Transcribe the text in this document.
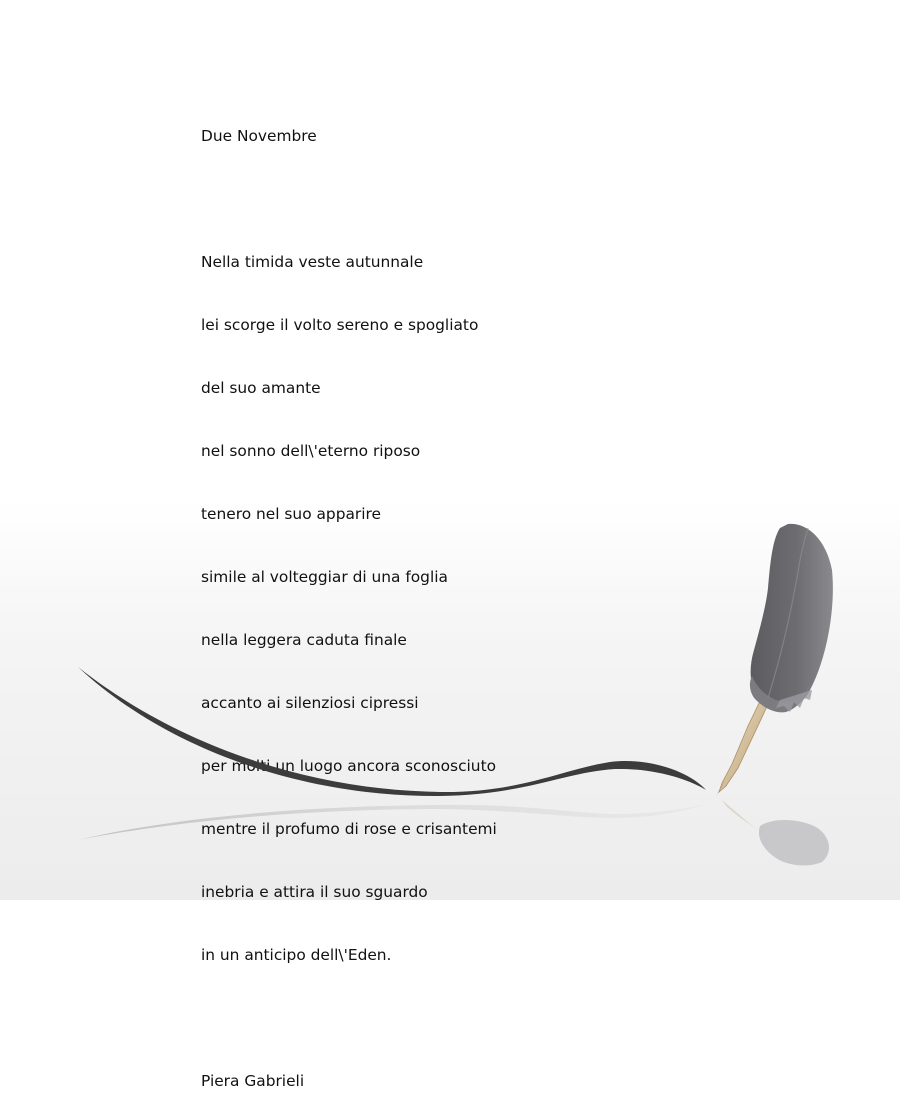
Due Novembre

Nella timida veste autunnale

lei scorge il volto sereno e spogliato

del suo amante

nel sonno dell\'eterno riposo

tenero nel suo apparire

simile al volteggiar di una foglia

nella leggera caduta finale

accanto ai silenziosi cipressi

per molti un luogo ancora sconosciuto

mentre il profumo di rose e crisantemi

inebria e attira il suo sguardo

in un anticipo dell\'Eden.

Piera Gabrieli
